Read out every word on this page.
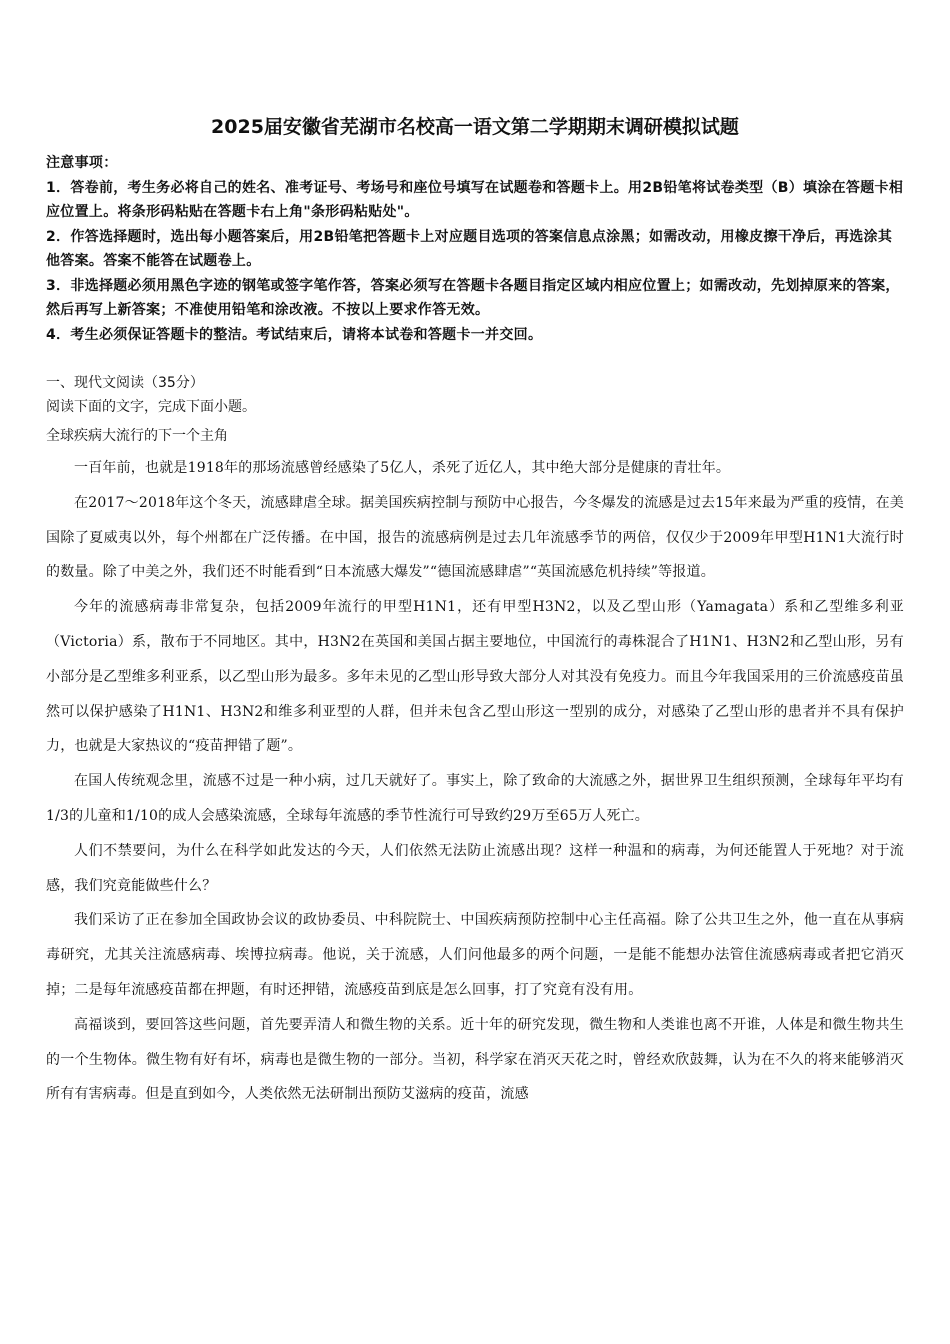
2025届安徽省芜湖市名校高一语文第二学期期末调研模拟试题

注意事项：

1．答卷前，考生务必将自己的姓名、准考证号、考场号和座位号填写在试题卷和答题卡上。用2B铅笔将试卷类型（B）填涂在答题卡相应位置上。将条形码粘贴在答题卡右上角"条形码粘贴处"。

2．作答选择题时，选出每小题答案后，用2B铅笔把答题卡上对应题目选项的答案信息点涂黑；如需改动，用橡皮擦干净后，再选涂其他答案。答案不能答在试题卷上。

3．非选择题必须用黑色字迹的钢笔或签字笔作答，答案必须写在答题卡各题目指定区域内相应位置上；如需改动，先划掉原来的答案，然后再写上新答案；不准使用铅笔和涂改液。不按以上要求作答无效。

4．考生必须保证答题卡的整洁。考试结束后，请将本试卷和答题卡一并交回。

一、现代文阅读（35分）

阅读下面的文字，完成下面小题。

全球疾病大流行的下一个主角

一百年前，也就是1918年的那场流感曾经感染了5亿人，杀死了近亿人，其中绝大部分是健康的青壮年。

在2017～2018年这个冬天，流感肆虐全球。据美国疾病控制与预防中心报告，今冬爆发的流感是过去15年来最为严重的疫情，在美国除了夏威夷以外，每个州都在广泛传播。在中国，报告的流感病例是过去几年流感季节的两倍，仅仅少于2009年甲型H1N1大流行时的数量。除了中美之外，我们还不时能看到“日本流感大爆发”“德国流感肆虐”“英国流感危机持续”等报道。

今年的流感病毒非常复杂，包括2009年流行的甲型H1N1，还有甲型H3N2，以及乙型山形（Yamagata）系和乙型维多利亚（Victoria）系，散布于不同地区。其中，H3N2在英国和美国占据主要地位，中国流行的毒株混合了H1N1、H3N2和乙型山形，另有小部分是乙型维多利亚系，以乙型山形为最多。多年未见的乙型山形导致大部分人对其没有免疫力。而且今年我国采用的三价流感疫苗虽然可以保护感染了H1N1、H3N2和维多利亚型的人群，但并未包含乙型山形这一型别的成分，对感染了乙型山形的患者并不具有保护力，也就是大家热议的“疫苗押错了题”。

在国人传统观念里，流感不过是一种小病，过几天就好了。事实上，除了致命的大流感之外，据世界卫生组织预测，全球每年平均有1/3的儿童和1/10的成人会感染流感，全球每年流感的季节性流行可导致约29万至65万人死亡。

人们不禁要问，为什么在科学如此发达的今天，人们依然无法防止流感出现？这样一种温和的病毒，为何还能置人于死地？对于流感，我们究竟能做些什么？

我们采访了正在参加全国政协会议的政协委员、中科院院士、中国疾病预防控制中心主任高福。除了公共卫生之外，他一直在从事病毒研究，尤其关注流感病毒、埃博拉病毒。他说，关于流感，人们问他最多的两个问题，一是能不能想办法管住流感病毒或者把它消灭掉；二是每年流感疫苗都在押题，有时还押错，流感疫苗到底是怎么回事，打了究竟有没有用。

高福谈到，要回答这些问题，首先要弄清人和微生物的关系。近十年的研究发现，微生物和人类谁也离不开谁，人体是和微生物共生的一个生物体。微生物有好有坏，病毒也是微生物的一部分。当初，科学家在消灭天花之时，曾经欢欣鼓舞，认为在不久的将来能够消灭所有有害病毒。但是直到如今，人类依然无法研制出预防艾滋病的疫苗，流感
